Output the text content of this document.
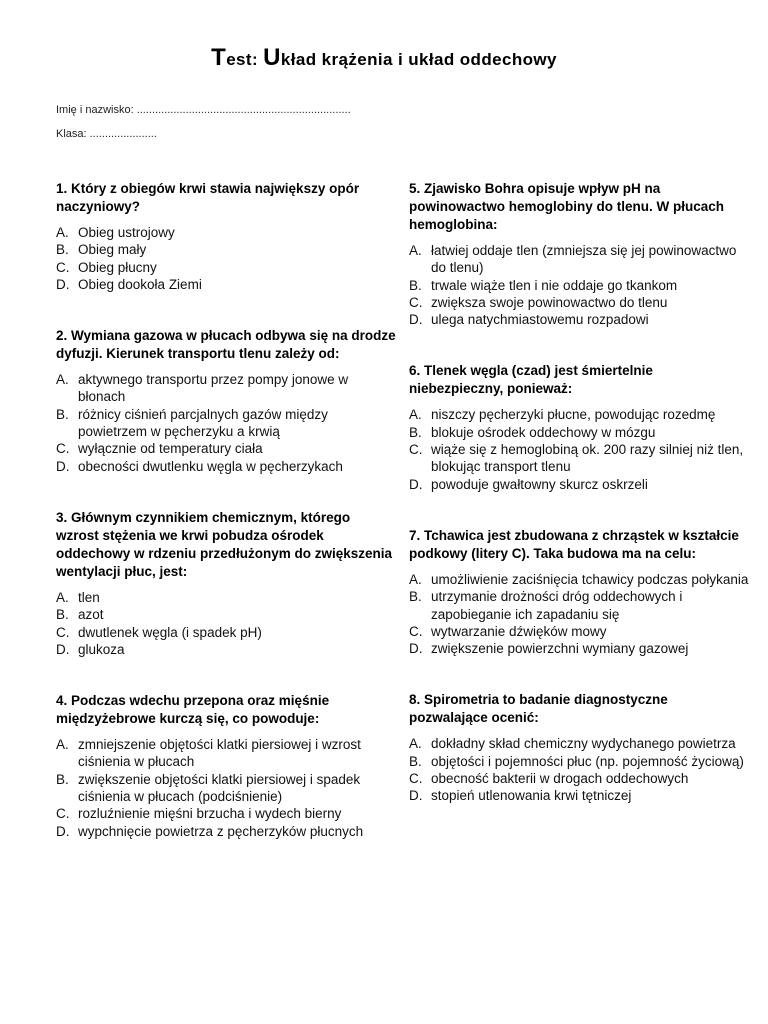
Test: Układ krążenia i układ oddechowy
Imię i nazwisko: ......................................................................
Klasa: ......................

1. Który z obiegów krwi stawia największy opór naczyniowy?

A. Obieg ustrojowy
B. Obieg mały
C. Obieg płucny
D. Obieg dookoła Ziemi

2. Wymiana gazowa w płucach odbywa się na drodze dyfuzji. Kierunek transportu tlenu zależy od:

A. aktywnego transportu przez pompy jonowe w błonach
B. różnicy ciśnień parcjalnych gazów między powietrzem w pęcherzyku a krwią
C. wyłącznie od temperatury ciała
D. obecności dwutlenku węgla w pęcherzykach

3. Głównym czynnikiem chemicznym, którego wzrost stężenia we krwi pobudza ośrodek oddechowy w rdzeniu przedłużonym do zwiększenia wentylacji płuc, jest:

A. tlen
B. azot
C. dwutlenek węgla (i spadek pH)
D. glukoza

4. Podczas wdechu przepona oraz mięśnie międzyżebrowe kurczą się, co powoduje:

A. zmniejszenie objętości klatki piersiowej i wzrost ciśnienia w płucach
B. zwiększenie objętości klatki piersiowej i spadek ciśnienia w płucach (podciśnienie)
C. rozluźnienie mięśni brzucha i wydech bierny
D. wypchnięcie powietrza z pęcherzyków płucnych

5. Zjawisko Bohra opisuje wpływ pH na powinowactwo hemoglobiny do tlenu. W płucach hemoglobina:

A. łatwiej oddaje tlen (zmniejsza się jej powinowactwo do tlenu)
B. trwale wiąże tlen i nie oddaje go tkankom
C. zwiększa swoje powinowactwo do tlenu
D. ulega natychmiastowemu rozpadowi

6. Tlenek węgla (czad) jest śmiertelnie niebezpieczny, ponieważ:

A. niszczy pęcherzyki płucne, powodując rozedmę
B. blokuje ośrodek oddechowy w mózgu
C. wiąże się z hemoglobiną ok. 200 razy silniej niż tlen, blokując transport tlenu
D. powoduje gwałtowny skurcz oskrzeli

7. Tchawica jest zbudowana z chrząstek w kształcie podkowy (litery C). Taka budowa ma na celu:

A. umożliwienie zaciśnięcia tchawicy podczas połykania
B. utrzymanie drożności dróg oddechowych i zapobieganie ich zapadaniu się
C. wytwarzanie dźwięków mowy
D. zwiększenie powierzchni wymiany gazowej

8. Spirometria to badanie diagnostyczne pozwalające ocenić:

A. dokładny skład chemiczny wydychanego powietrza
B. objętości i pojemności płuc (np. pojemność życiową)
C. obecność bakterii w drogach oddechowych
D. stopień utlenowania krwi tętniczej
